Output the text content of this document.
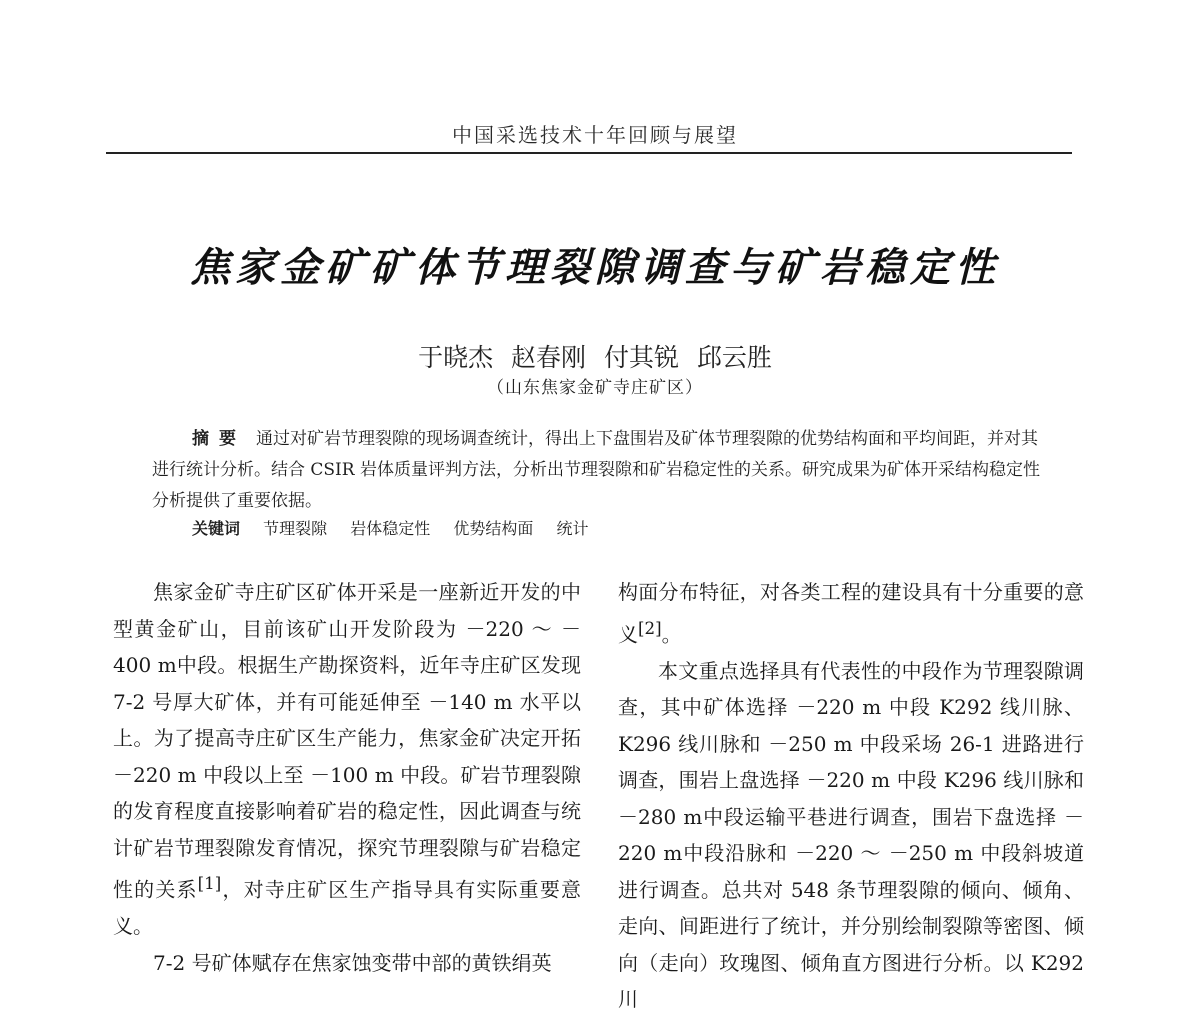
中国采选技术十年回顾与展望
焦家金矿矿体节理裂隙调查与矿岩稳定性
于晓杰 赵春刚 付其锐 邱云胜
（山东焦家金矿寺庄矿区）

摘要 通过对矿岩节理裂隙的现场调查统计，得出上下盘围岩及矿体节理裂隙的优势结构面和平均间距，并对其进行统计分析。结合 CSIR 岩体质量评判方法，分析出节理裂隙和矿岩稳定性的关系。研究成果为矿体开采结构稳定性分析提供了重要依据。

关键词 节理裂隙 岩体稳定性 优势结构面 统计

焦家金矿寺庄矿区矿体开采是一座新近开发的中型黄金矿山，目前该矿山开发阶段为 －220 ～ －400 m中段。根据生产勘探资料，近年寺庄矿区发现7-2 号厚大矿体，并有可能延伸至 －140 m 水平以上。为了提高寺庄矿区生产能力，焦家金矿决定开拓 －220 m 中段以上至 －100 m 中段。矿岩节理裂隙的发育程度直接影响着矿岩的稳定性，因此调查与统计矿岩节理裂隙发育情况，探究节理裂隙与矿岩稳定性的关系[1]，对寺庄矿区生产指导具有实际重要意义。

7-2 号矿体赋存在焦家蚀变带中部的黄铁绢英

构面分布特征，对各类工程的建设具有十分重要的意义[2]。

本文重点选择具有代表性的中段作为节理裂隙调查，其中矿体选择 －220 m 中段 K292 线川脉、K296 线川脉和 －250 m 中段采场 26-1 进路进行调查，围岩上盘选择 －220 m 中段 K296 线川脉和 －280 m中段运输平巷进行调查，围岩下盘选择 －220 m中段沿脉和 －220 ～ －250 m 中段斜坡道进行调查。总共对 548 条节理裂隙的倾向、倾角、走向、间距进行了统计，并分别绘制裂隙等密图、倾向（走向）玫瑰图、倾角直方图进行分析。以 K292 川
